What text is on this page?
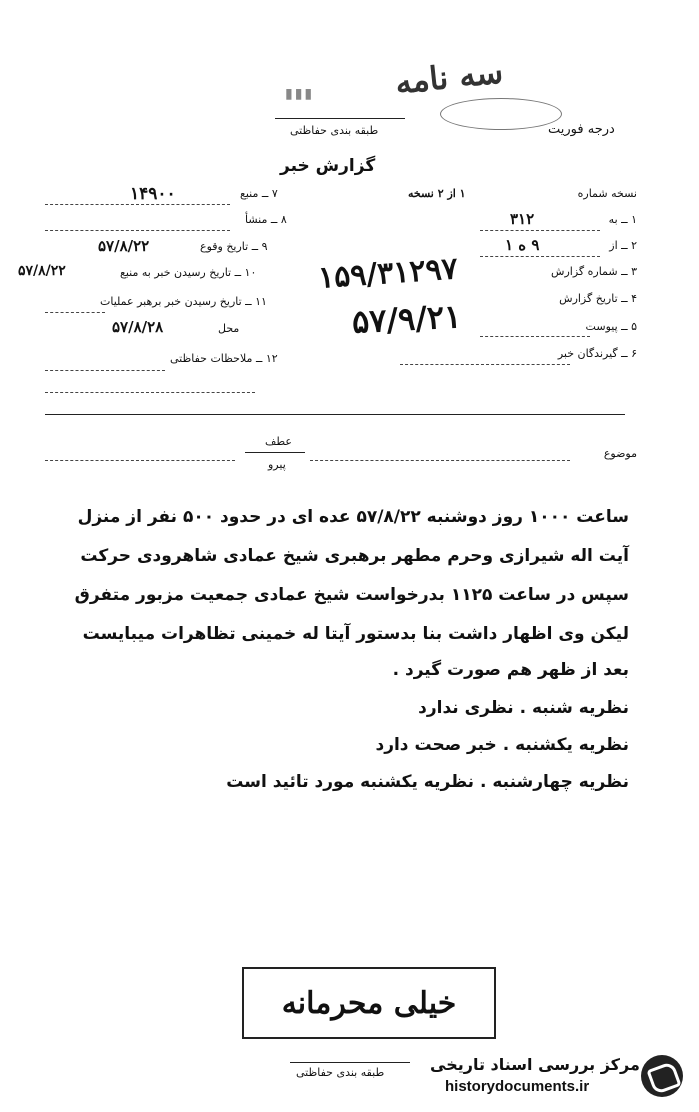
سه نامه
▮▮▮
درجه فوریت
طبقه بندی حفاظتی
گزارش خبر
نسخه شماره
۱ از ۲ نسخه
۱ ــ به
۳۱۲
۲ ــ از
۹ ه ۱
۳ ــ شماره گزارش
۴ ــ تاریخ گزارش
۵ ــ پیوست
۶ ــ گیرندگان خبر
۱۵۹/۳۱۲۹۷
۵۷/۹/۲۱
۷ ــ منبع
۱۴۹۰۰
۸ ــ منشأ
۹ ــ تاریخ وقوع
۵۷/۸/۲۲
۱۰ ــ تاریخ رسیدن خبر به منبع
۵۷/۸/۲۲
۱۱ ــ تاریخ رسیدن خبر برهبر عملیات
محل
۵۷/۸/۲۸
۱۲ ــ ملاحظات حفاظتی
موضوع
عطف
پیرو
ساعت ۱۰۰۰ روز دوشنبه ۵۷/۸/۲۲ عده ای در حدود ۵۰۰ نفر از منزل
آیت اله شیرازی وحرم مطهر برهبری شیخ عمادی شاهرودی حرکت
سپس در ساعت ۱۱۲۵ بدرخواست شیخ عمادی جمعیت مزبور متفرق
لیکن وی اظهار داشت بنا بدستور آیتا له خمینی تظاهرات میبایست
بعد از ظهر هم صورت گیرد .
نظریه شنبه . نظری ندارد
نظریه یکشنبه . خبر صحت دارد
نظریه چهارشنبه . نظریه یکشنبه مورد تائید است
خیلی محرمانه
طبقه بندی حفاظتی	مرکز بررسی اسناد تاریخی
historydocuments.ir
